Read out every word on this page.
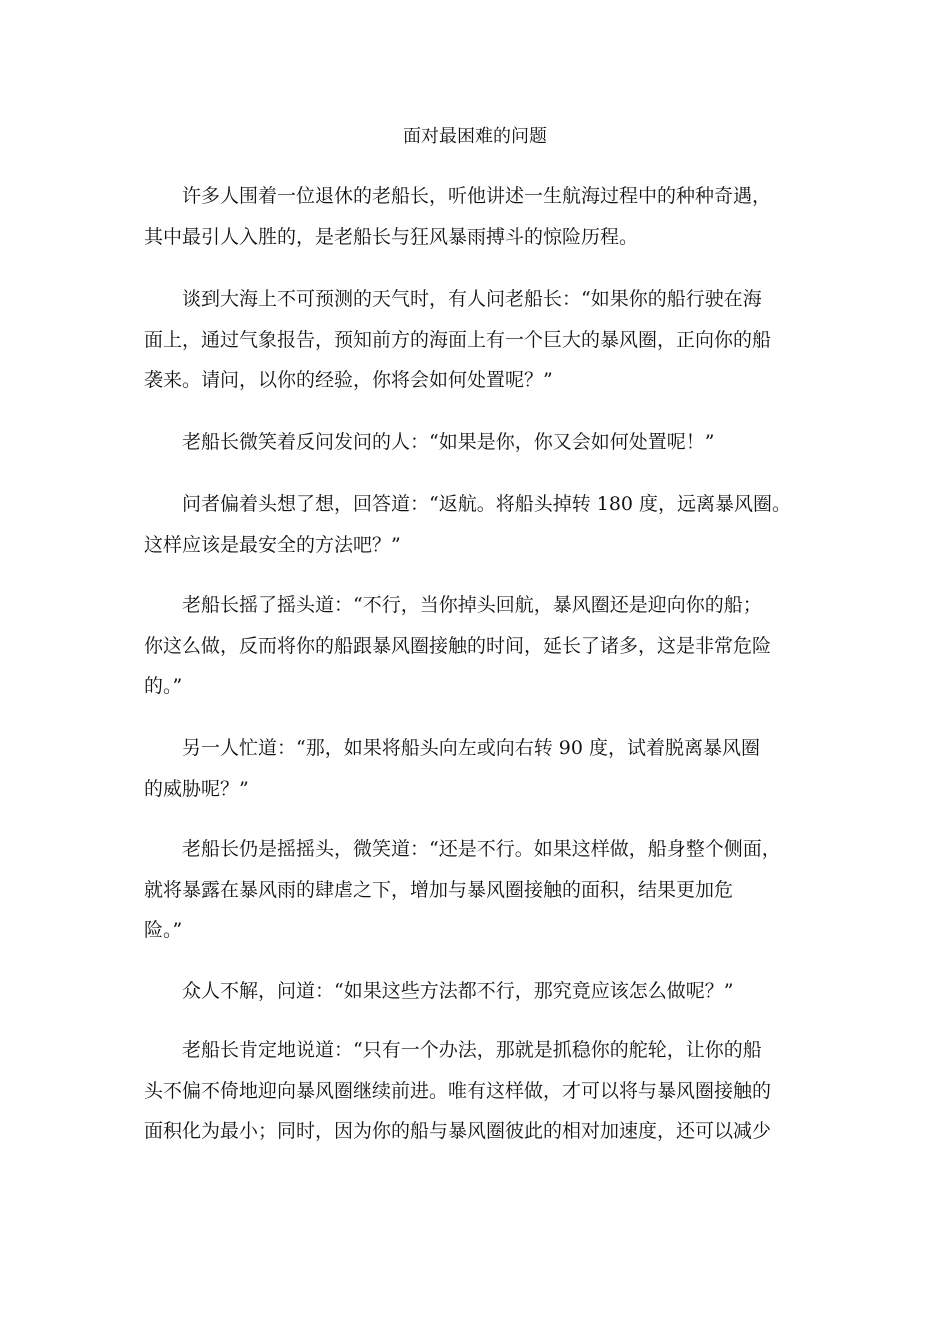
面对最困难的问题

许多人围着一位退休的老船长，听他讲述一生航海过程中的种种奇遇，
其中最引人入胜的，是老船长与狂风暴雨搏斗的惊险历程。

谈到大海上不可预测的天气时，有人问老船长：“如果你的船行驶在海
面上，通过气象报告，预知前方的海面上有一个巨大的暴风圈，正向你的船
袭来。请问，以你的经验，你将会如何处置呢？”

老船长微笑着反问发问的人：“如果是你，你又会如何处置呢！”

问者偏着头想了想，回答道：“返航。将船头掉转 180 度，远离暴风圈。
这样应该是最安全的方法吧？”

老船长摇了摇头道：“不行，当你掉头回航，暴风圈还是迎向你的船；
你这么做，反而将你的船跟暴风圈接触的时间，延长了诸多，这是非常危险
的。”

另一人忙道：“那，如果将船头向左或向右转 90 度，试着脱离暴风圈
的威胁呢？”

老船长仍是摇摇头，微笑道：“还是不行。如果这样做，船身整个侧面，
就将暴露在暴风雨的肆虐之下，增加与暴风圈接触的面积，结果更加危
险。”

众人不解，问道：“如果这些方法都不行，那究竟应该怎么做呢？”

老船长肯定地说道：“只有一个办法，那就是抓稳你的舵轮，让你的船
头不偏不倚地迎向暴风圈继续前进。唯有这样做，才可以将与暴风圈接触的
面积化为最小；同时，因为你的船与暴风圈彼此的相对加速度，还可以减少
